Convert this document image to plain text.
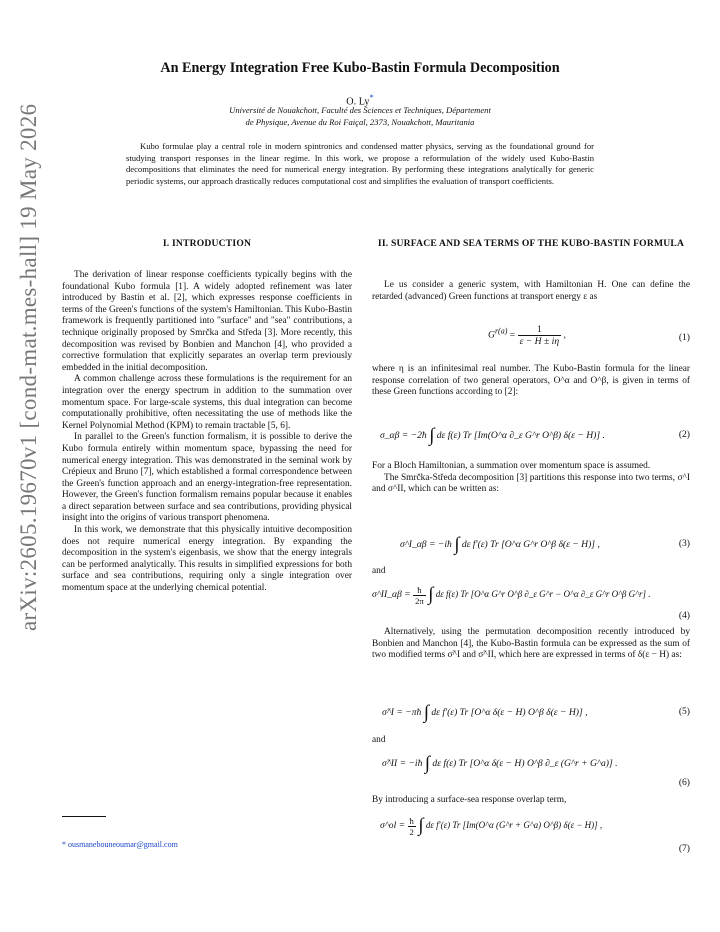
arXiv:2605.19670v1 [cond-mat.mes-hall] 19 May 2026
An Energy Integration Free Kubo-Bastin Formula Decomposition
O. Ly*
Université de Nouakchott, Faculté des Sciences et Techniques, Département
de Physique, Avenue du Roi Faiçal, 2373, Nouakchott, Mauritania
Kubo formulae play a central role in modern spintronics and condensed matter physics, serving as the foundational ground for studying transport responses in the linear regime. In this work, we propose a reformulation of the widely used Kubo-Bastin decompositions that eliminates the need for numerical energy integration. By performing these integrations analytically for generic periodic systems, our approach drastically reduces computational cost and simplifies the evaluation of transport coefficients.
I. INTRODUCTION

The derivation of linear response coefficients typically begins with the foundational Kubo formula [1]. A widely adopted refinement was later introduced by Bastin et al. [2], which expresses response coefficients in terms of the Green's functions of the system's Hamiltonian. This Kubo-Bastin framework is frequently partitioned into "surface" and "sea" contributions, a technique originally proposed by Smrčka and Středa [3]. More recently, this decomposition was revised by Bonbien and Manchon [4], who provided a corrective formulation that explicitly separates an overlap term previously embedded in the initial decomposition.

A common challenge across these formulations is the requirement for an integration over the energy spectrum in addition to the summation over momentum space. For large-scale systems, this dual integration can become computationally prohibitive, often necessitating the use of methods like the Kernel Polynomial Method (KPM) to remain tractable [5, 6].

In parallel to the Green's function formalism, it is possible to derive the Kubo formula entirely within momentum space, bypassing the need for numerical energy integration. This was demonstrated in the seminal work by Crépieux and Bruno [7], which established a formal correspondence between the Green's function approach and an energy-integration-free representation. However, the Green's function formalism remains popular because it enables a direct separation between surface and sea contributions, providing physical insight into the origins of various transport phenomena.

In this work, we demonstrate that this physically intuitive decomposition does not require numerical energy integration. By expanding the decomposition in the system's eigenbasis, we show that the energy integrals can be performed analytically. This results in simplified expressions for both surface and sea contributions, requiring only a single integration over momentum space at the underlying chemical potential.

* ousmanebouneoumar@gmail.com
II. SURFACE AND SEA TERMS OF THE KUBO-BASTIN FORMULA

Le us consider a generic system, with Hamiltonian H. One can define the retarded (advanced) Green functions at transport energy ε as

$G^{r(a)} = \frac{1}{\varepsilon - H \pm i\eta}$ ,	(1)

where η is an infinitesimal real number. The Kubo-Bastin formula for the linear response correlation of two general operators, O^α and O^β, is given in terms of these Green functions according to [2]:

σ_αβ = −2ħ ∫ dε f(ε) Tr [Im(O^α ∂_ε G^r O^β) δ(ε − H)] .	(2)

For a Bloch Hamiltonian, a summation over momentum space is assumed.

The Smrčka-Středa decomposition [3] partitions this response into two terms, σ^I and σ^II, which can be written as:

σ^I_αβ = −iħ ∫ dε f′(ε) Tr [O^α G^r O^β δ(ε − H)] ,	(3)
and
σ^II_αβ = $\frac{ħ}{2\pi}$ ∫ dε f(ε) Tr [O^α G^r O^β ∂_ε G^r − O^α ∂_ε G^r O^β G^r] .
(4)

Alternatively, using the permutation decomposition recently introduced by Bonbien and Manchon [4], the Kubo-Bastin formula can be expressed as the sum of two modified terms σ̃^I and σ̃^II, which here are expressed in terms of δ(ε − H) as:

σ̃^I = −πħ ∫ dε f′(ε) Tr [O^α δ(ε − H) O^β δ(ε − H)] ,	(5)
and
σ̃^II = −iħ ∫ dε f(ε) Tr [O^α δ(ε − H) O^β ∂_ε (G^r + G^a)] .
(6)

By introducing a surface-sea response overlap term,

σ^ol = $\frac{ħ}{2}$ ∫ dε f′(ε) Tr [Im(O^α (G^r + G^a) O^β) δ(ε − H)] ,
(7)
